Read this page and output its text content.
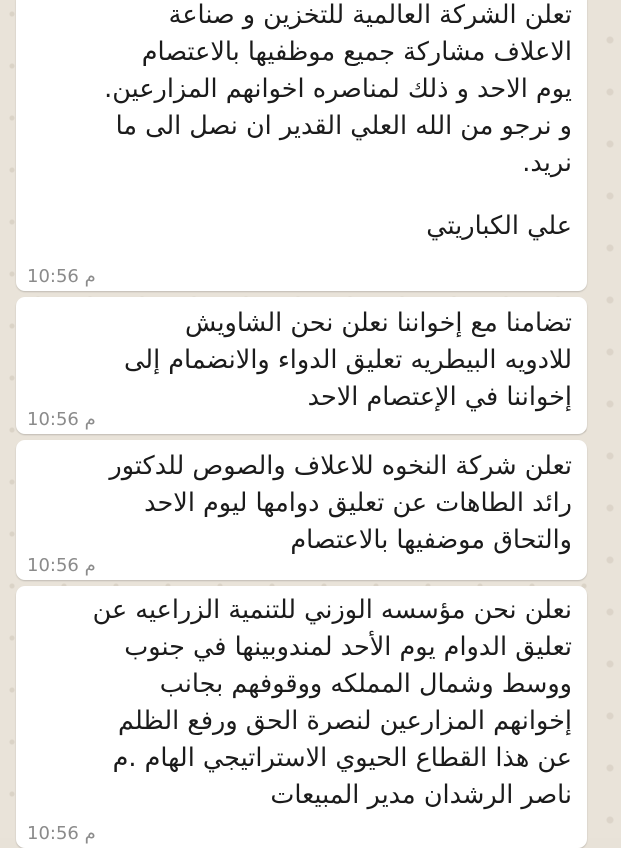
تعلن الشركة العالمية للتخزين و صناعة
الاعلاف مشاركة جميع موظفيها بالاعتصام
يوم الاحد و ذلك لمناصره اخوانهم المزارعين.
و نرجو من الله العلي القدير ان نصل الى ما
نريد.

علي الكباريتي
10:56 م

تضامنا مع إخواننا نعلن نحن الشاويش
للادويه البيطريه تعليق الدواء والانضمام إلى
إخواننا في الإعتصام الاحد

10:56 م

تعلن شركة النخوه للاعلاف والصوص للدكتور
رائد الطاهات عن تعليق دوامها ليوم الاحد
والتحاق موضفيها بالاعتصام

10:56 م

نعلن نحن مؤسسه الوزني للتنمية الزراعيه عن
تعليق الدوام يوم الأحد لمندوبينها في جنوب
ووسط وشمال المملكه ووقوفهم بجانب
إخوانهم المزارعين لنصرة الحق ورفع الظلم
عن هذا القطاع الحيوي الاستراتيجي الهام .م
ناصر الرشدان مدير المبيعات

10:56 م
